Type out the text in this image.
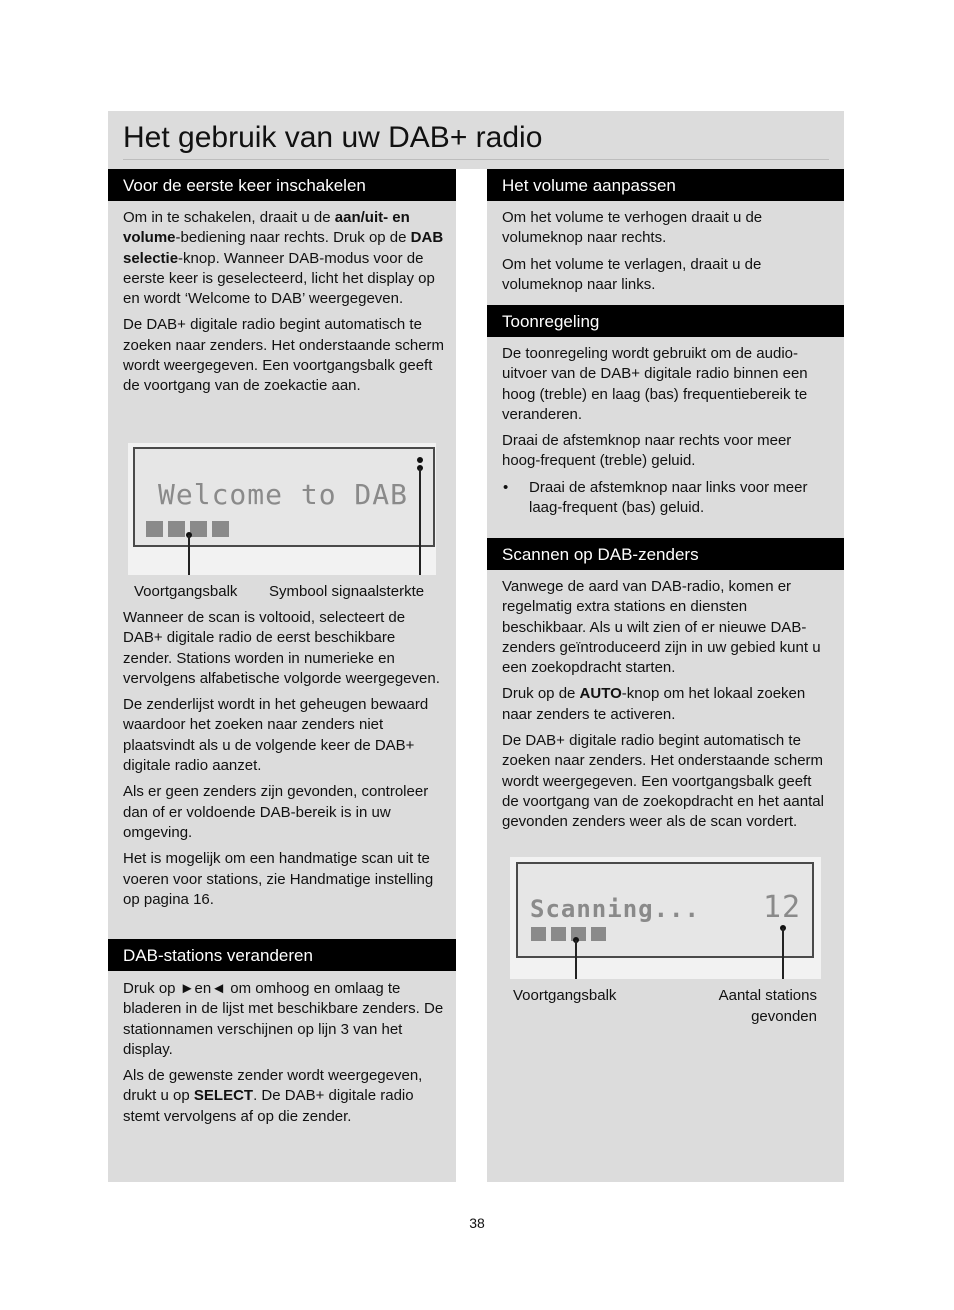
Het gebruik van uw DAB+ radio
Voor de eerste keer inschakelen

Om in te schakelen, draait u de aan/uit- en volume-bediening naar rechts. Druk op de DAB selectie-knop. Wanneer DAB-modus voor de eerste keer is geselecteerd, licht het display op en wordt ‘Welcome to DAB’ weergegeven.

De DAB+ digitale radio begint automatisch te zoeken naar zenders. Het onderstaande scherm wordt weergegeven. Een voortgangsbalk geeft de voortgang van de zoekactie aan.

Welcome to DAB
Voortgangsbalk Symbool signaalsterkte

Wanneer de scan is voltooid, selecteert de DAB+ digitale radio de eerst beschikbare zender. Stations worden in numerieke en vervolgens alfabetische volgorde weergegeven.

De zenderlijst wordt in het geheugen bewaard waardoor het zoeken naar zenders niet plaatsvindt als u de volgende keer de DAB+ digitale radio aanzet.

Als er geen zenders zijn gevonden, controleer dan of er voldoende DAB-bereik is in uw omgeving.

Het is mogelijk om een handmatige scan uit te voeren voor stations, zie Handmatige instelling op pagina 16.

DAB-stations veranderen

Druk op ►en◄ om omhoog en omlaag te bladeren in de lijst met beschikbare zenders. De stationnamen verschijnen op lijn 3 van het display.

Als de gewenste zender wordt weergegeven, drukt u op SELECT. De DAB+ digitale radio stemt vervolgens af op die zender.

Het volume aanpassen

Om het volume te verhogen draait u de volumeknop naar rechts.

Om het volume te verlagen, draait u de volumeknop naar links.

Toonregeling

De toonregeling wordt gebruikt om de audio-uitvoer van de DAB+ digitale radio binnen een hoog (treble) en laag (bas) frequentiebereik te veranderen.

Draai de afstemknop naar rechts voor meer hoog-frequent (treble) geluid.

• Draai de afstemknop naar links voor meer laag-frequent (bas) geluid.
Scannen op DAB-zenders

Vanwege de aard van DAB-radio, komen er regelmatig extra stations en diensten beschikbaar. Als u wilt zien of er nieuwe DAB-zenders geïntroduceerd zijn in uw gebied kunt u een zoekopdracht starten.

Druk op de AUTO-knop om het lokaal zoeken naar zenders te activeren.

De DAB+ digitale radio begint automatisch te zoeken naar zenders. Het onderstaande scherm wordt weergegeven. Een voortgangsbalk geeft de voortgang van de zoekopdracht en het aantal gevonden zenders weer als de scan vordert.

Scanning... 12
Voortgangsbalk	Aantal stations
gevonden
38
